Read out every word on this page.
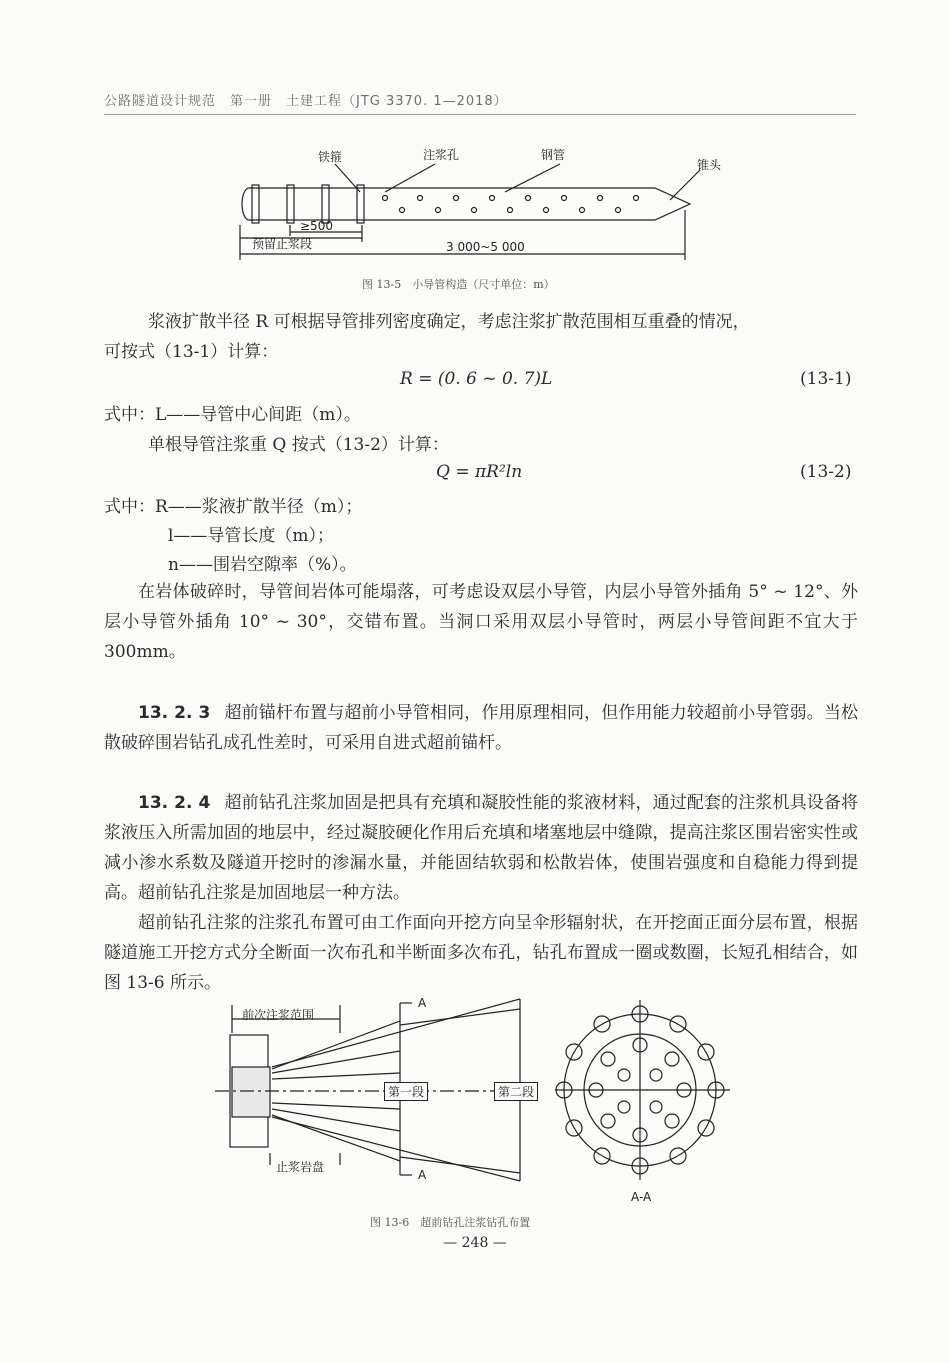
公路隧道设计规范　第一册　土建工程（JTG 3370. 1—2018）
铁箍	注浆孔	钢管
锥头
≥500
预留止浆段	3 000~5 000
图 13-5　小导管构造（尺寸单位：m）
浆液扩散半径 R 可根据导管排列密度确定，考虑注浆扩散范围相互重叠的情况，
可按式（13-1）计算：
R = (0. 6 ~ 0. 7)L	(13-1)
式中：L——导管中心间距（m）。
单根导管注浆重 Q 按式（13-2）计算：
Q = πR²ln	(13-2)
式中：R——浆液扩散半径（m）；
l——导管长度（m）；
n——围岩空隙率（%）。

在岩体破碎时，导管间岩体可能塌落，可考虑设双层小导管，内层小导管外插角 5° ~ 12°、外层小导管外插角 10° ~ 30°，交错布置。当洞口采用双层小导管时，两层小导管间距不宜大于 300mm。

13. 2. 3 超前锚杆布置与超前小导管相同，作用原理相同，但作用能力较超前小导管弱。当松散破碎围岩钻孔成孔性差时，可采用自进式超前锚杆。

13. 2. 4 超前钻孔注浆加固是把具有充填和凝胶性能的浆液材料，通过配套的注浆机具设备将浆液压入所需加固的地层中，经过凝胶硬化作用后充填和堵塞地层中缝隙，提高注浆区围岩密实性或减小渗水系数及隧道开挖时的渗漏水量，并能固结软弱和松散岩体，使围岩强度和自稳能力得到提高。超前钻孔注浆是加固地层一种方法。

超前钻孔注浆的注浆孔布置可由工作面向开挖方向呈伞形辐射状，在开挖面正面分层布置，根据隧道施工开挖方式分全断面一次布孔和半断面多次布孔，钻孔布置成一圈或数圈，长短孔相结合，如图 13-6 所示。

前次注浆范围
A
A
第一段	第二段
止浆岩盘
A-A
图 13-6　超前钻孔注浆钻孔布置
— 248 —
